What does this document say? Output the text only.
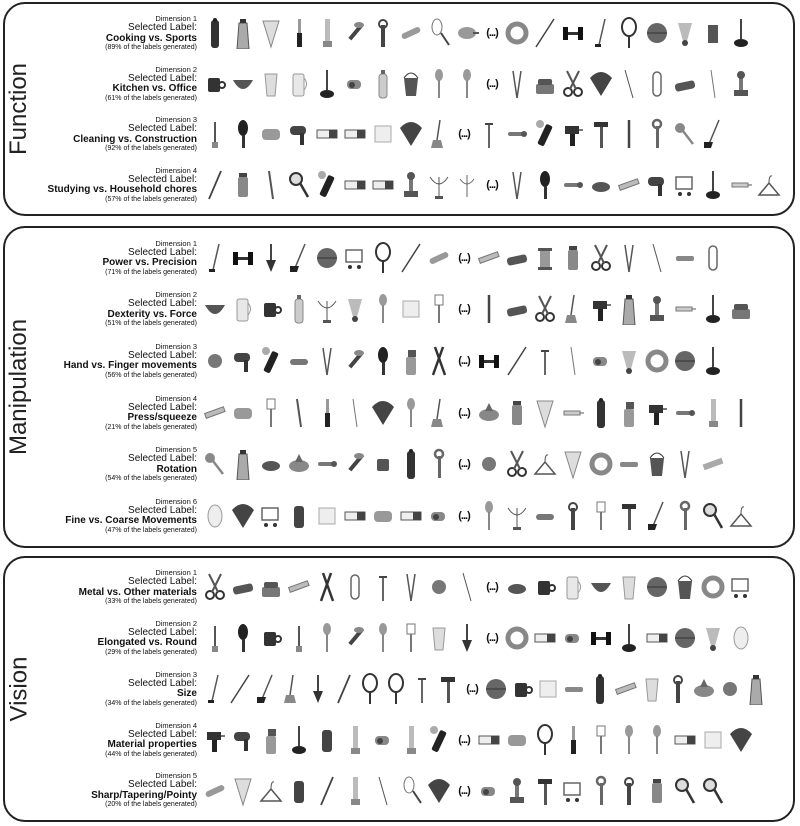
Function
Dimension 1
Selected Label:
Cooking vs. Sports
(89% of the labels generated)
(...)
Dimension 2
Selected Label:
Kitchen vs. Office
(61% of the labels generated)
(...)
Dimension 3
Selected Label:
Cleaning vs. Construction
(92% of the labels generated)
(...)
Dimension 4
Selected Label:
Studying vs. Household chores
(57% of the labels generated)
(...)
Manipulation
Dimension 1
Selected Label:
Power vs. Precision
(71% of the labels generated)
(...)
Dimension 2
Selected Label:
Dexterity vs. Force
(51% of the labels generated)
(...)
Dimension 3
Selected Label:
Hand vs. Finger movements
(56% of the labels generated)
(...)
Dimension 4
Selected Label:
Press/squeeze
(21% of the labels generated)
(...)
Dimension 5
Selected Label:
Rotation
(54% of the labels generated)
(...)
Dimension 6
Selected Label:
Fine vs. Coarse Movements
(47% of the labels generated)
(...)
Vision
Dimension 1
Selected Label:
Metal vs. Other materials
(33% of the labels generated)
(...)
Dimension 2
Selected Label:
Elongated vs. Round
(29% of the labels generated)
(...)
Dimension 3
Selected Label:
Size
(34% of the labels generated)
(...)
Dimension 4
Selected Label:
Material properties
(44% of the labels generated)
(...)
Dimension 5
Selected Label:
Sharp/Tapering/Pointy
(20% of the labels generated)
(...)
